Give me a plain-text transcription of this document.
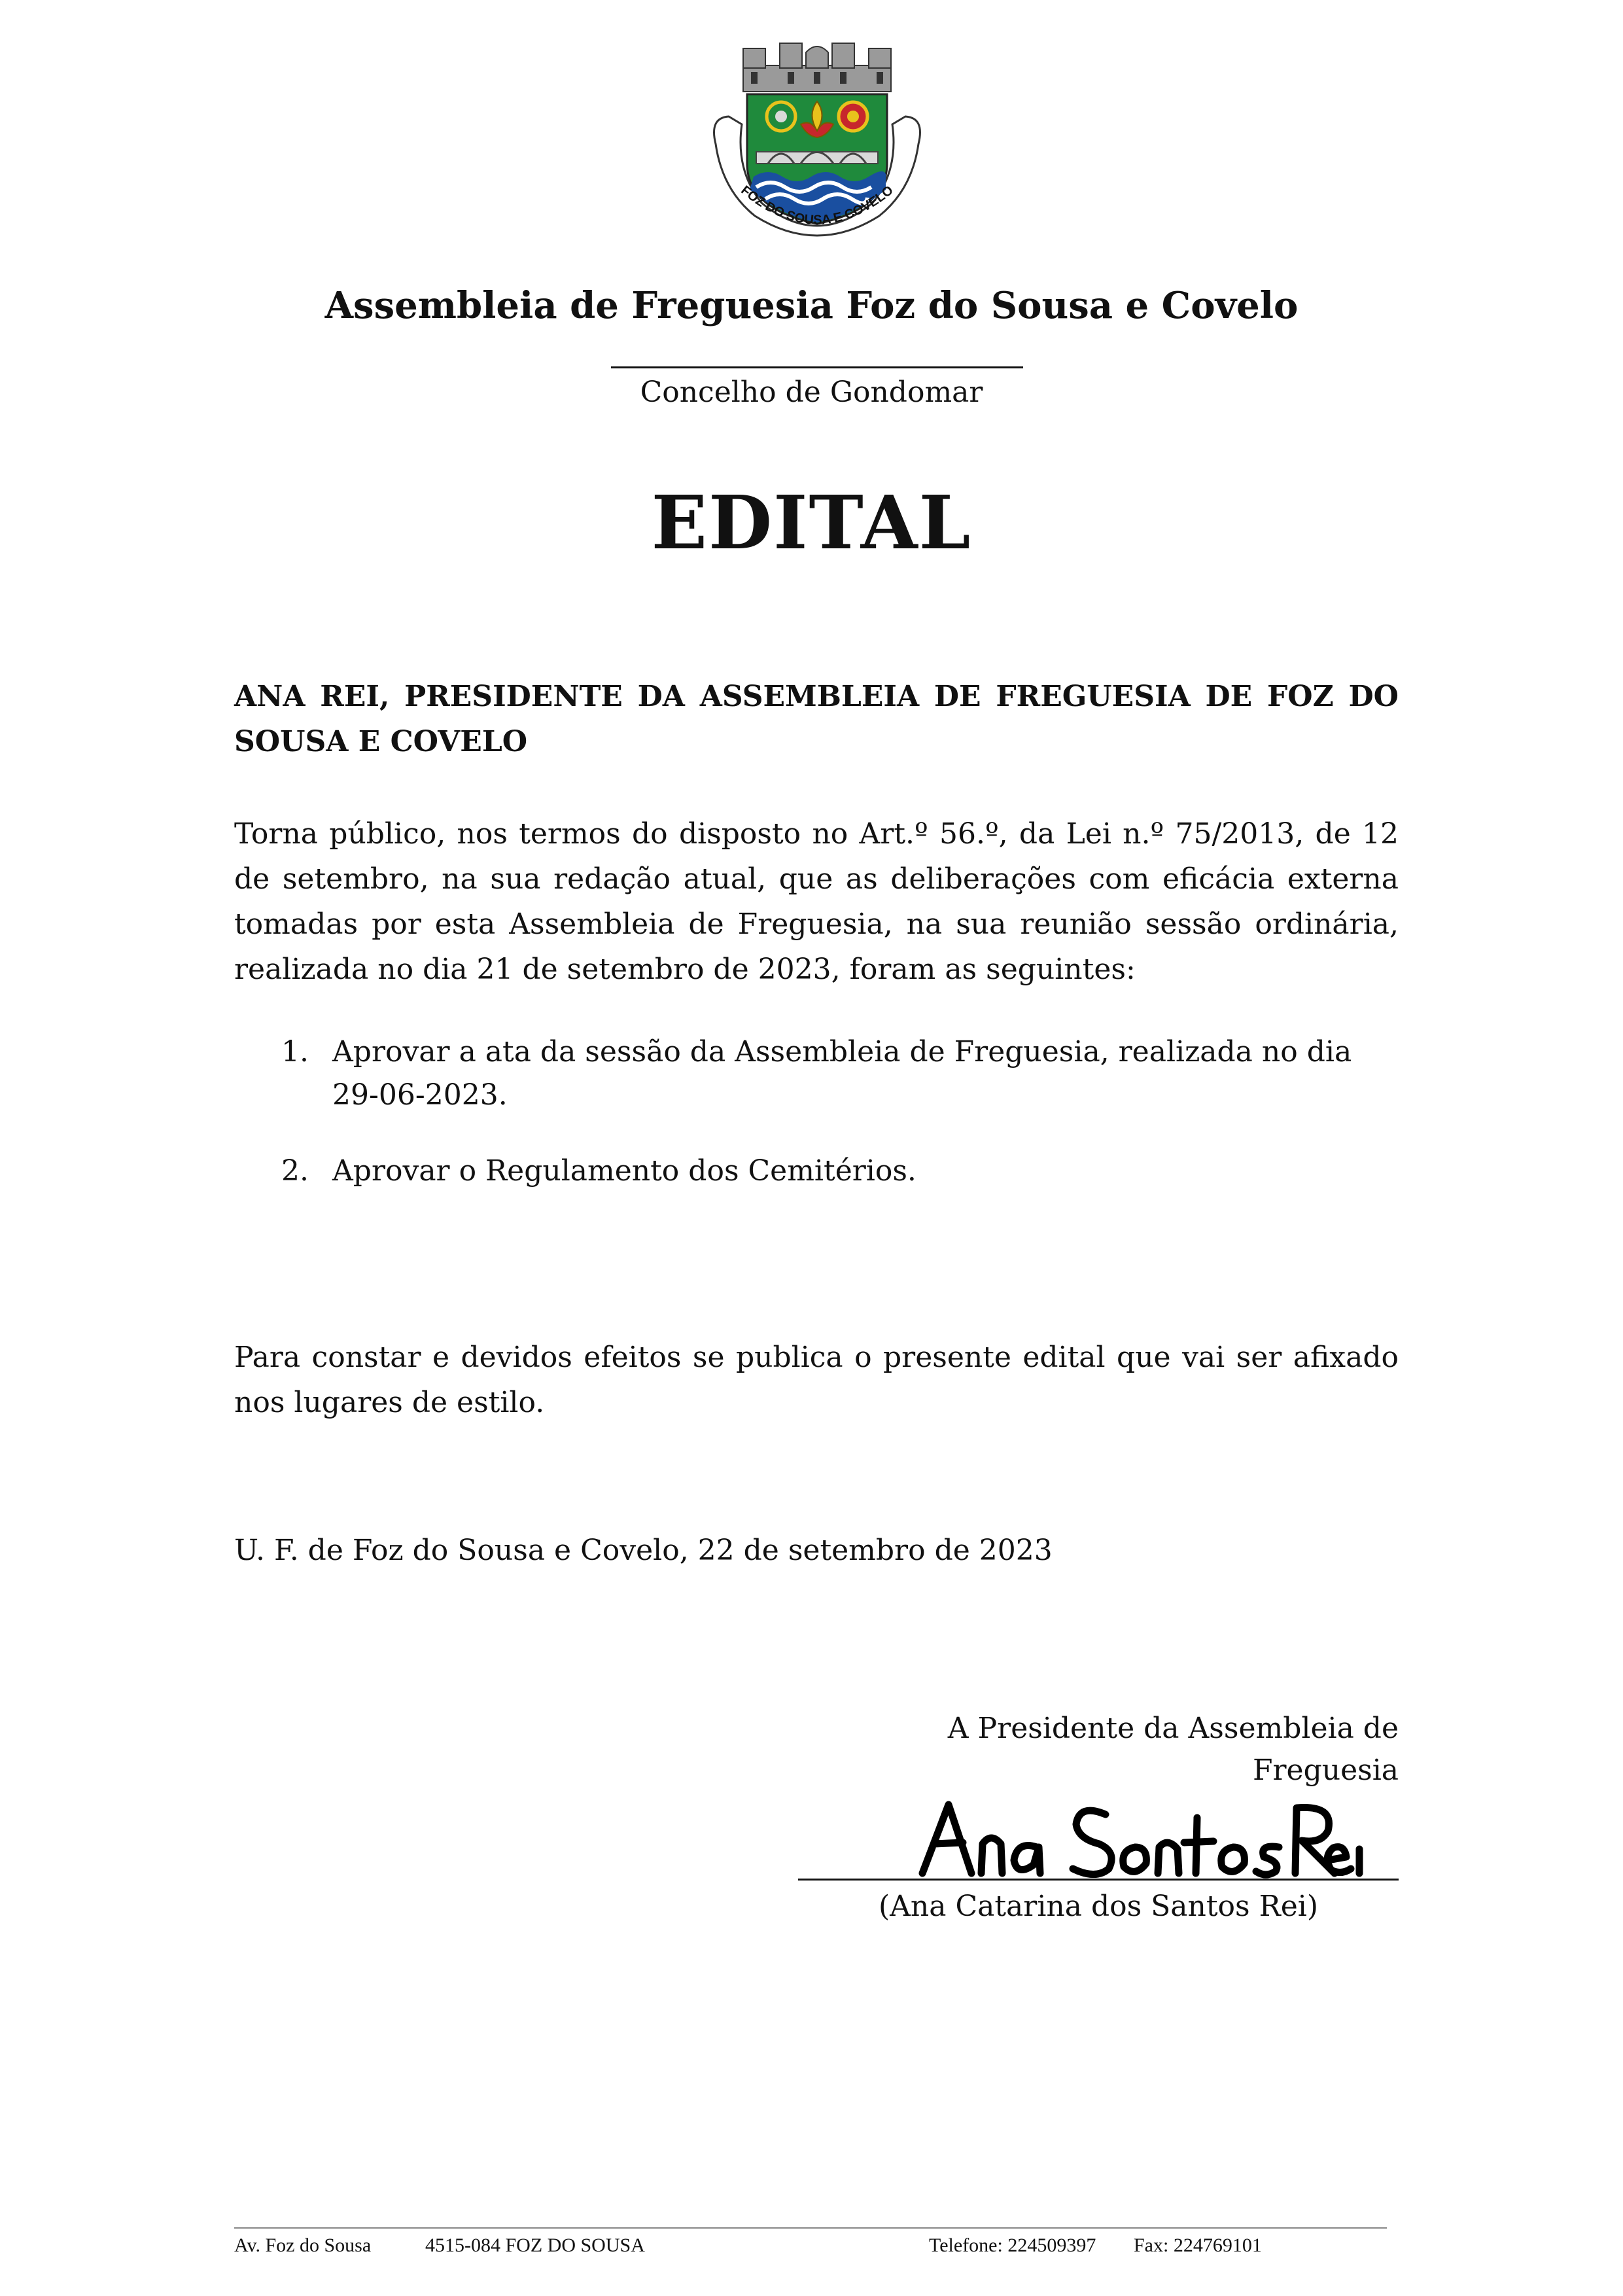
FOZ DO SOUSA E COVELO
Assembleia de Freguesia Foz do Sousa e Covelo
Concelho de Gondomar
EDITAL
ANA REI, PRESIDENTE DA ASSEMBLEIA DE FREGUESIA DE FOZ DO SOUSA E COVELO
Torna público, nos termos do disposto no Art.º 56.º, da Lei n.º 75/2013, de 12 de setembro, na sua redação atual, que as deliberações com eficácia externa tomadas por esta Assembleia de Freguesia, na sua reunião sessão ordinária, realizada no dia 21 de setembro de 2023, foram as seguintes:
1. Aprovar a ata da sessão da Assembleia de Freguesia, realizada no dia 29-06-2023.
2. Aprovar o Regulamento dos Cemitérios.
Para constar e devidos efeitos se publica o presente edital que vai ser afixado nos lugares de estilo.
U. F. de Foz do Sousa e Covelo, 22 de setembro de 2023
A Presidente da Assembleia de Freguesia
(Ana Catarina dos Santos Rei)
Av. Foz do Sousa	4515-084 FOZ DO SOUSA	Telefone: 224509397 Fax: 224769101
